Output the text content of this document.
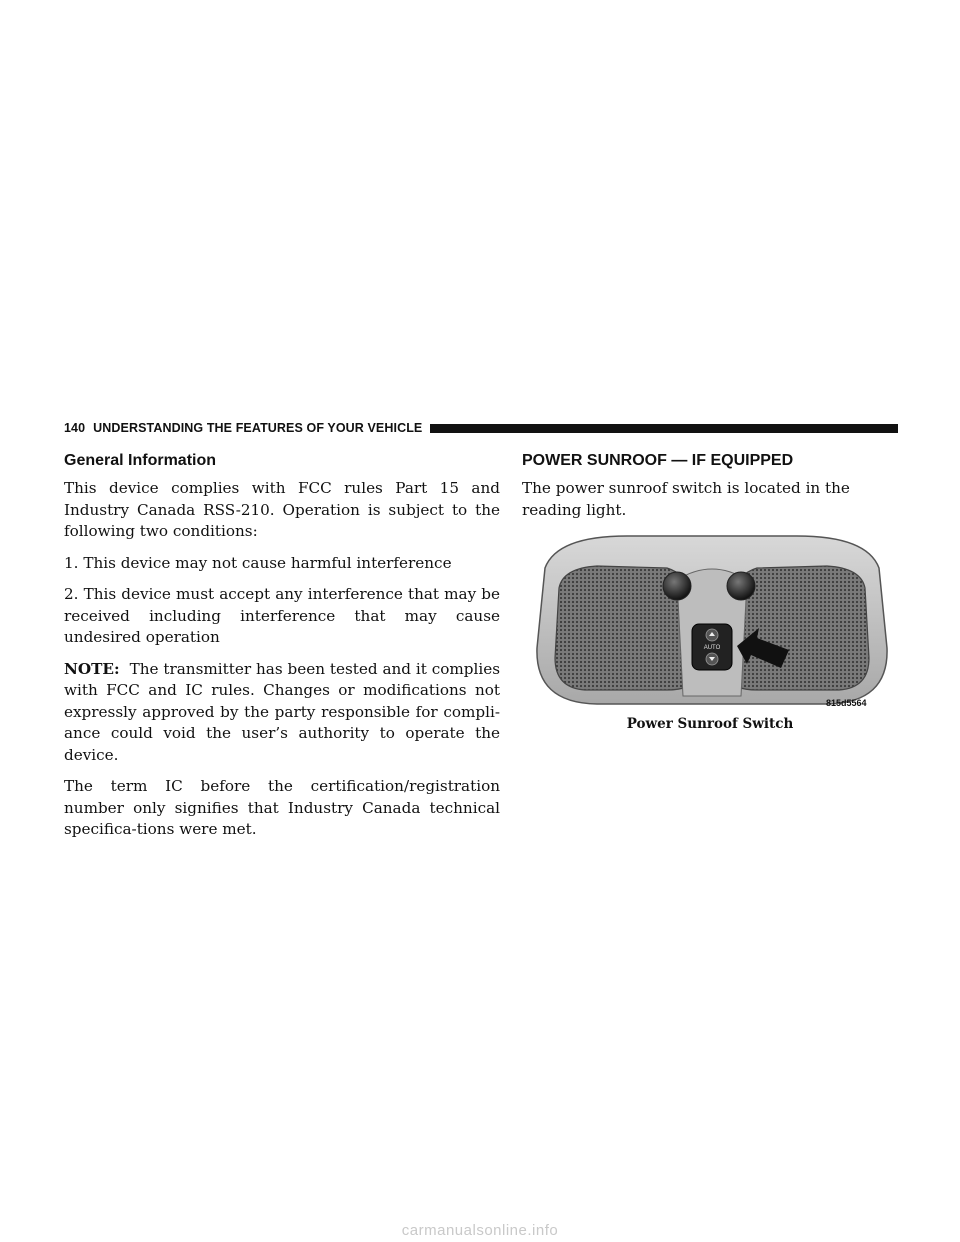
140 UNDERSTANDING THE FEATURES OF YOUR VEHICLE
General Information

This device complies with FCC rules Part 15 and Industry Canada RSS-210. Operation is subject to the following two conditions:

1. This device may not cause harmful interference

2. This device must accept any interference that may be received including interference that may cause undesired operation

NOTE: The transmitter has been tested and it complies with FCC and IC rules. Changes or modifications not expressly approved by the party responsible for compli-ance could void the user’s authority to operate the device.

The term IC before the certification/registration number only signifies that Industry Canada technical specifica-tions were met.

POWER SUNROOF — IF EQUIPPED

The power sunroof switch is located in the reading light.

AUTO
815d5564
Power Sunroof Switch
carmanualsonline.info
